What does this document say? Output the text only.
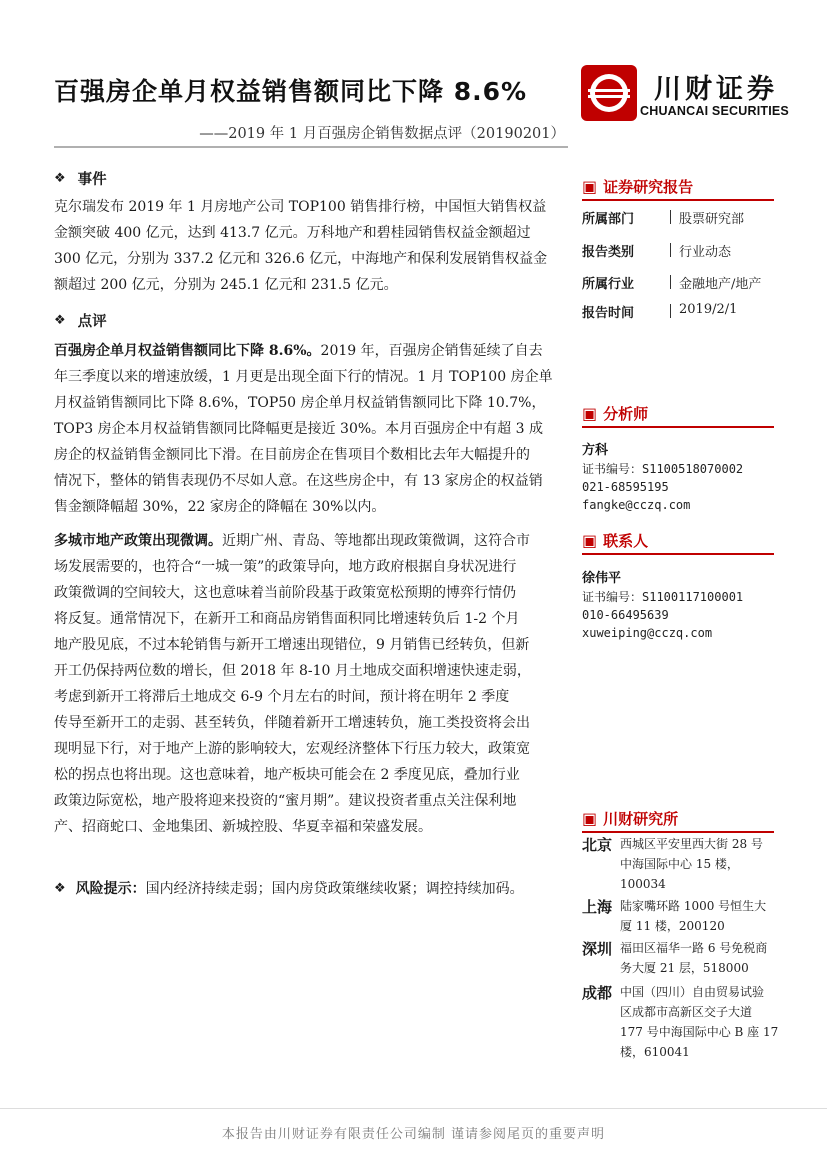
百强房企单月权益销售额同比下降 8.6%
——2019 年 1 月百强房企销售数据点评（20190201）
川财证券
CHUANCAI SECURITIES
❖ 事件
克尔瑞发布 2019 年 1 月房地产公司 TOP100 销售排行榜，中国恒大销售权益
金额突破 400 亿元，达到 413.7 亿元。万科地产和碧桂园销售权益金额超过
300 亿元，分别为 337.2 亿元和 326.6 亿元，中海地产和保利发展销售权益金
额超过 200 亿元，分别为 245.1 亿元和 231.5 亿元。
❖ 点评
百强房企单月权益销售额同比下降 8.6%。2019 年，百强房企销售延续了自去
年三季度以来的增速放缓，1 月更是出现全面下行的情况。1 月 TOP100 房企单
月权益销售额同比下降 8.6%，TOP50 房企单月权益销售额同比下降 10.7%，
TOP3 房企本月权益销售额同比降幅更是接近 30%。本月百强房企中有超 3 成
房企的权益销售金额同比下滑。在目前房企在售项目个数相比去年大幅提升的
情况下，整体的销售表现仍不尽如人意。在这些房企中，有 13 家房企的权益销
售金额降幅超 30%，22 家房企的降幅在 30%以内。
多城市地产政策出现微调。近期广州、青岛、等地都出现政策微调，这符合市
场发展需要的，也符合“一城一策”的政策导向，地方政府根据自身状况进行
政策微调的空间较大，这也意味着当前阶段基于政策宽松预期的博弈行情仍
将反复。通常情况下，在新开工和商品房销售面积同比增速转负后 1-2 个月
地产股见底，不过本轮销售与新开工增速出现错位，9 月销售已经转负，但新
开工仍保持两位数的增长，但 2018 年 8-10 月土地成交面积增速快速走弱，
考虑到新开工将滞后土地成交 6-9 个月左右的时间，预计将在明年 2 季度
传导至新开工的走弱、甚至转负，伴随着新开工增速转负，施工类投资将会出
现明显下行，对于地产上游的影响较大，宏观经济整体下行压力较大，政策宽
松的拐点也将出现。这也意味着，地产板块可能会在 2 季度见底，叠加行业
政策边际宽松，地产股将迎来投资的“蜜月期”。建议投资者重点关注保利地
产、招商蛇口、金地集团、新城控股、华夏幸福和荣盛发展。
❖ 风险提示：国内经济持续走弱；国内房贷政策继续收紧；调控持续加码。
▣ 证券研究报告
所属部门	股票研究部
报告类别	行业动态
所属行业	金融地产/地产
报告时间	2019/2/1
▣ 分析师
方科
证书编号：S1100518070002
021-68595195
fangke@cczq.com
▣ 联系人
徐伟平
证书编号：S1100117100001
010-66495639
xuweiping@cczq.com
▣ 川财研究所
北京 西城区平安里西大街 28 号
中海国际中心 15 楼，
100034
上海 陆家嘴环路 1000 号恒生大
厦 11 楼，200120
深圳 福田区福华一路 6 号免税商
务大厦 21 层，518000
成都 中国（四川）自由贸易试验
区成都市高新区交子大道
177 号中海国际中心 B 座 17
楼，610041
本报告由川财证券有限责任公司编制 谨请参阅尾页的重要声明
